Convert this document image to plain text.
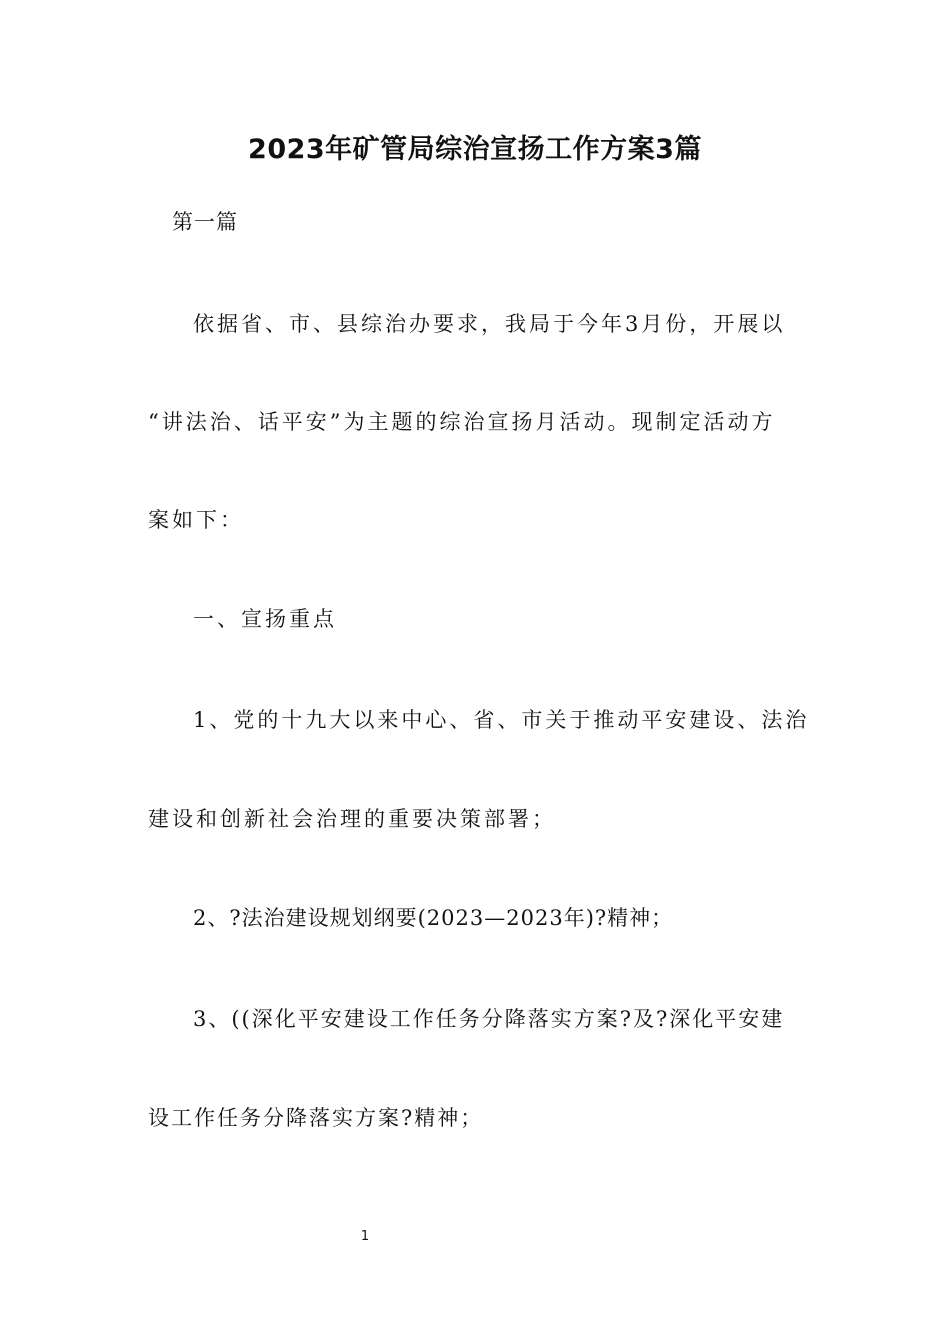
2023年矿管局综治宣扬工作方案3篇
第一篇
依据省、市、县综治办要求，我局于今年3月份，开展以
“讲法治、话平安”为主题的综治宣扬月活动。现制定活动方
案如下：
一、宣扬重点
1、党的十九大以来中心、省、市关于推动平安建设、法治
建设和创新社会治理的重要决策部署；
2、?法治建设规划纲要(2023—2023年)?精神；
3、((深化平安建设工作任务分降落实方案?及?深化平安建
设工作任务分降落实方案?精神；
1
